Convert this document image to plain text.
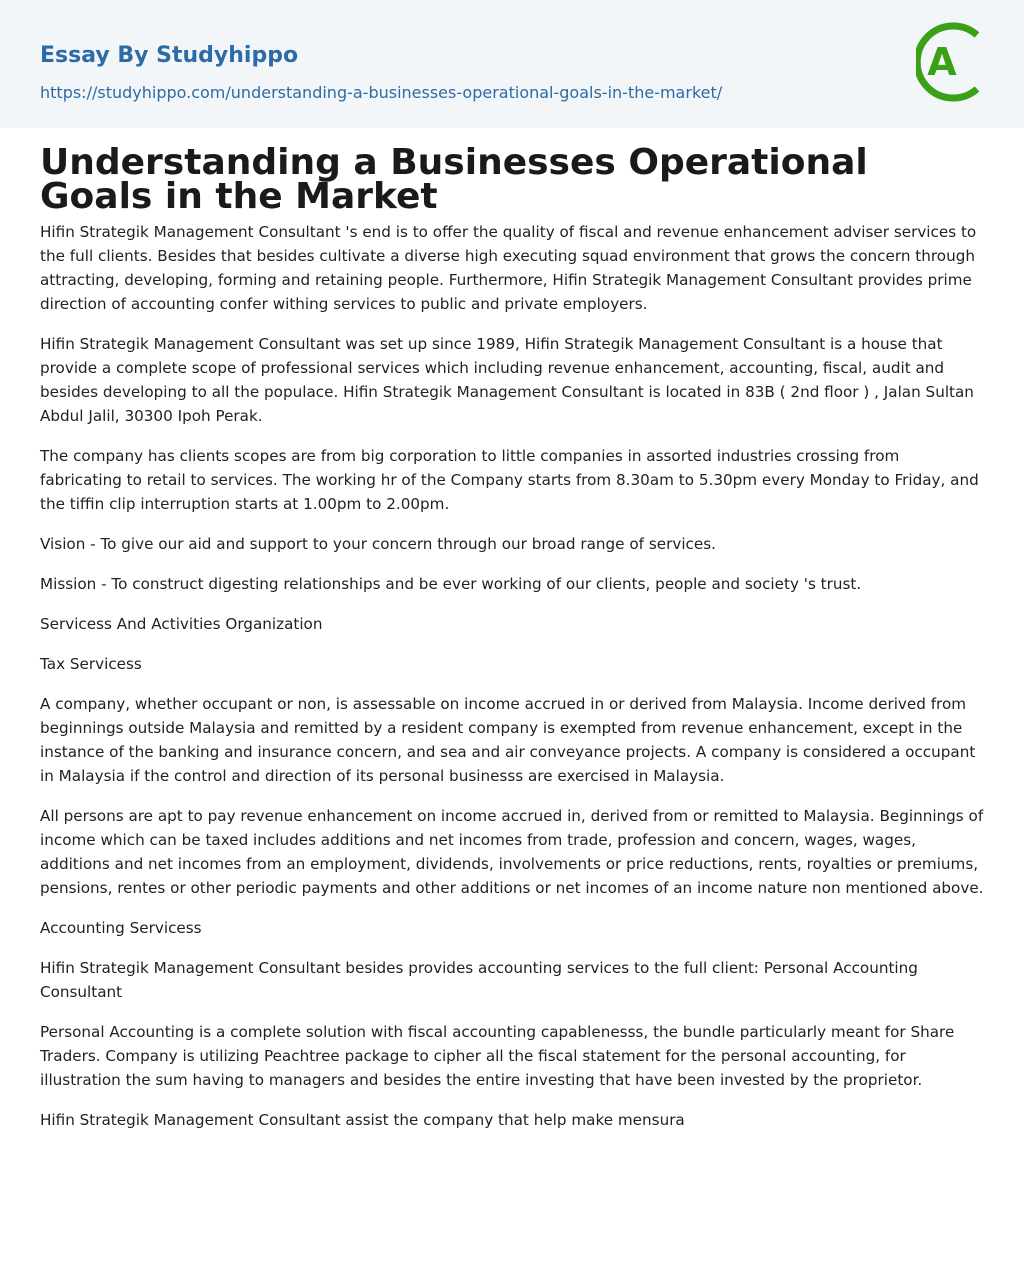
Essay By Studyhippo
https://studyhippo.com/understanding-a-businesses-operational-goals-in-the-market/
A
Understanding a Businesses Operational Goals in the Market

Hifin Strategik Management Consultant 's end is to offer the quality of fiscal and revenue enhancement adviser services to the full clients. Besides that besides cultivate a diverse high executing squad environment that grows the concern through attracting, developing, forming and retaining people. Furthermore, Hifin Strategik Management Consultant provides prime direction of accounting confer withing services to public and private employers.

Hifin Strategik Management Consultant was set up since 1989, Hifin Strategik Management Consultant is a house that provide a complete scope of professional services which including revenue enhancement, accounting, fiscal, audit and besides developing to all the populace. Hifin Strategik Management Consultant is located in 83B ( 2nd floor ) , Jalan Sultan Abdul Jalil, 30300 Ipoh Perak.

The company has clients scopes are from big corporation to little companies in assorted industries crossing from fabricating to retail to services. The working hr of the Company starts from 8.30am to 5.30pm every Monday to Friday, and the tiffin clip interruption starts at 1.00pm to 2.00pm.

Vision - To give our aid and support to your concern through our broad range of services.

Mission - To construct digesting relationships and be ever working of our clients, people and society 's trust.

Servicess And Activities Organization

Tax Servicess

A company, whether occupant or non, is assessable on income accrued in or derived from Malaysia. Income derived from beginnings outside Malaysia and remitted by a resident company is exempted from revenue enhancement, except in the instance of the banking and insurance concern, and sea and air conveyance projects. A company is considered a occupant in Malaysia if the control and direction of its personal businesss are exercised in Malaysia.

All persons are apt to pay revenue enhancement on income accrued in, derived from or remitted to Malaysia. Beginnings of income which can be taxed includes additions and net incomes from trade, profession and concern, wages, wages, additions and net incomes from an employment, dividends, involvements or price reductions, rents, royalties or premiums, pensions, rentes or other periodic payments and other additions or net incomes of an income nature non mentioned above.

Accounting Servicess

Hifin Strategik Management Consultant besides provides accounting services to the full client: Personal Accounting Consultant

Personal Accounting is a complete solution with fiscal accounting capablenesss, the bundle particularly meant for Share Traders. Company is utilizing Peachtree package to cipher all the fiscal statement for the personal accounting, for illustration the sum having to managers and besides the entire investing that have been invested by the proprietor.

Hifin Strategik Management Consultant assist the company that help make mensura
